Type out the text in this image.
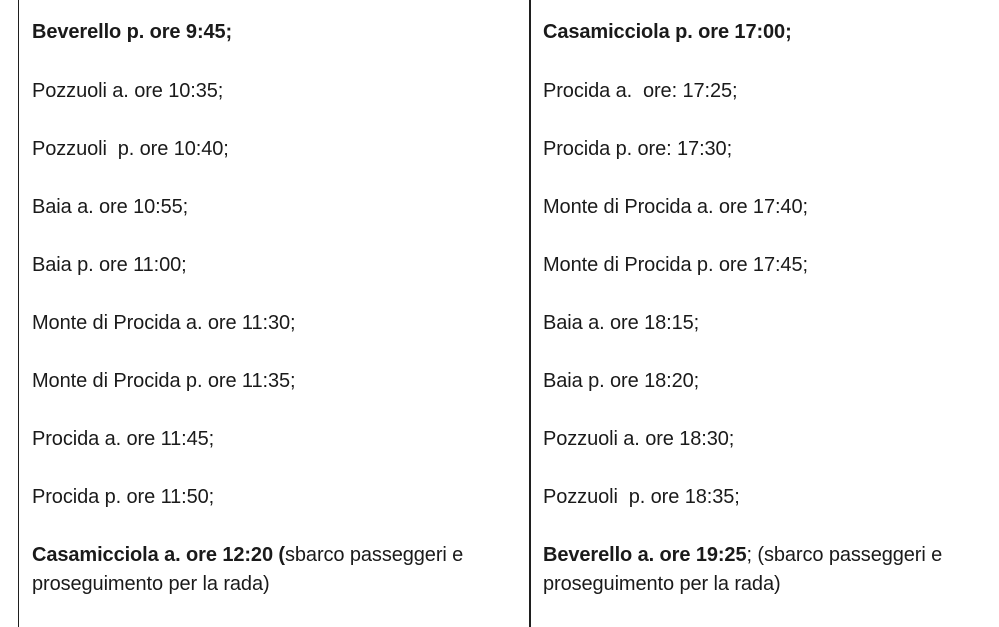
Beverello p. ore 9:45;
Pozzuoli a. ore 10:35;
Pozzuoli  p. ore 10:40;
Baia a. ore 10:55;
Baia p. ore 11:00;
Monte di Procida a. ore 11:30;
Monte di Procida p. ore 11:35;
Procida a. ore 11:45;
Procida p. ore 11:50;
Casamicciola a. ore 12:20 (sbarco passeggeri e proseguimento per la rada)
Casamicciola p. ore 17:00;
Procida a.  ore: 17:25;
Procida p. ore: 17:30;
Monte di Procida a. ore 17:40;
Monte di Procida p. ore 17:45;
Baia a. ore 18:15;
Baia p. ore 18:20;
Pozzuoli a. ore 18:30;
Pozzuoli  p. ore 18:35;
Beverello a. ore 19:25; (sbarco passeggeri e proseguimento per la rada)
